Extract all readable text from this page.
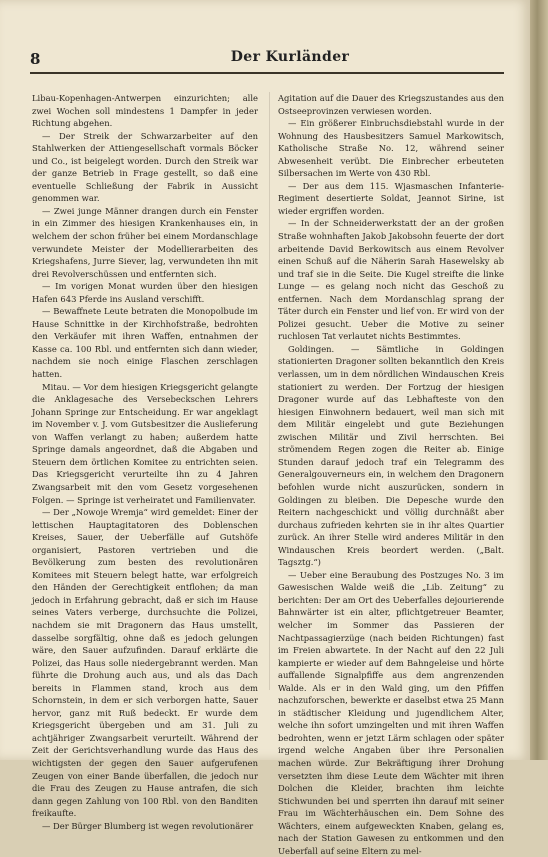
8	Der Kurländer

Libau-Kopenhagen-Antwerpen einzurichten; alle zwei Wochen soll mindestens 1 Dampfer in jeder Richtung abgehen.

— Der Streik der Schwarzarbeiter auf den Stahlwerken der Attiengesellschaft vormals Böcker und Co., ist beigelegt worden. Durch den Streik war der ganze Betrieb in Frage gestellt, so daß eine eventuelle Schließung der Fabrik in Aussicht genommen war.

— Zwei junge Männer drangen durch ein Fenster in ein Zimmer des hiesigen Krankenhauses ein, in welchem der schon früher bei einem Mordanschlage verwundete Meister der Modellierarbeiten des Kriegshafens, Jurre Siever, lag, verwundeten ihn mit drei Revolverschüssen und entfernten sich.

— Im vorigen Monat wurden über den hiesigen Hafen 643 Pferde ins Ausland verschifft.

— Bewaffnete Leute betraten die Monopolbude im Hause Schnittke in der Kirchhofstraße, bedrohten den Verkäufer mit ihren Waffen, entnahmen der Kasse ca. 100 Rbl. und entfernten sich dann wieder, nachdem sie noch einige Flaschen zerschlagen hatten.

Mitau. — Vor dem hiesigen Kriegsgericht gelangte die Anklagesache des Versebeckschen Lehrers Johann Springe zur Entscheidung. Er war angeklagt im November v. J. vom Gutsbesitzer die Auslieferung von Waffen verlangt zu haben; außerdem hatte Springe damals angeordnet, daß die Abgaben und Steuern dem örtlichen Komitee zu entrichten seien. Das Kriegsgericht verurteilte ihn zu 4 Jahren Zwangsarbeit mit den vom Gesetz vorgesehenen Folgen. — Springe ist verheiratet und Familienvater.

— Der „Nowoje Wremja“ wird gemeldet: Einer der lettischen Hauptagitatoren des Doblenschen Kreises, Sauer, der Ueberfälle auf Gutshöfe organisiert, Pastoren vertrieben und die Bevölkerung zum besten des revolutionären Komitees mit Steuern belegt hatte, war erfolgreich den Händen der Gerechtigkeit entflohen; da man jedoch in Erfahrung gebracht, daß er sich im Hause seines Vaters verberge, durchsuchte die Polizei, nachdem sie mit Dragonern das Haus umstellt, dasselbe sorgfältig, ohne daß es jedoch gelungen wäre, den Sauer aufzufinden. Darauf erklärte die Polizei, das Haus solle niedergebrannt werden. Man führte die Drohung auch aus, und als das Dach bereits in Flammen stand, kroch aus dem Schornstein, in dem er sich verborgen hatte, Sauer hervor, ganz mit Ruß bedeckt. Er wurde dem Kriegsgericht übergeben und am 31. Juli zu achtjähriger Zwangsarbeit verurteilt. Während der Zeit der Gerichtsverhandlung wurde das Haus des wichtigsten der gegen den Sauer aufgerufenen Zeugen von einer Bande überfallen, die jedoch nur die Frau des Zeugen zu Hause antrafen, die sich dann gegen Zahlung von 100 Rbl. von den Banditen freikaufte.

— Der Bürger Blumberg ist wegen revolutionärer

Agitation auf die Dauer des Kriegszustandes aus den Ostseeprovinzen verwiesen worden.

— Ein größerer Einbruchsdiebstahl wurde in der Wohnung des Hausbesitzers Samuel Markowitsch, Katholische Straße No. 12, während seiner Abwesenheit verübt. Die Einbrecher erbeuteten Silbersachen im Werte von 430 Rbl.

— Der aus dem 115. Wjasmaschen Infanterie-Regiment desertierte Soldat, Jeannot Sirine, ist wieder ergriffen worden.

— In der Schneiderwerkstatt der an der großen Straße wohnhaften Jakob Jakobsohn feuerte der dort arbeitende David Berkowitsch aus einem Revolver einen Schuß auf die Näherin Sarah Hasewelsky ab und traf sie in die Seite. Die Kugel streifte die linke Lunge — es gelang noch nicht das Geschoß zu entfernen. Nach dem Mordanschlag sprang der Täter durch ein Fenster und lief von. Er wird von der Polizei gesucht. Ueber die Motive zu seiner ruchlosen Tat verlautet nichts Bestimmtes.

Goldingen. — Sämtliche in Goldingen stationierten Dragoner sollten bekanntlich den Kreis verlassen, um in dem nördlichen Windauschen Kreis stationiert zu werden. Der Fortzug der hiesigen Dragoner wurde auf das Lebhafteste von den hiesigen Einwohnern bedauert, weil man sich mit dem Militär eingelebt und gute Beziehungen zwischen Militär und Zivil herrschten. Bei strömendem Regen zogen die Reiter ab. Einige Stunden darauf jedoch traf ein Telegramm des Generalgouverneurs ein, in welchem den Dragonern befohlen wurde nicht auszurücken, sondern in Goldingen zu bleiben. Die Depesche wurde den Reitern nachgeschickt und völlig durchnäßt aber durchaus zufrieden kehrten sie in ihr altes Quartier zurück. An ihrer Stelle wird anderes Militär in den Windauschen Kreis beordert werden. („Balt. Tagsztg.“)

— Ueber eine Beraubung des Postzuges No. 3 im Gawesischen Walde weiß die „Lib. Zeitung“ zu berichten: Der am Ort des Ueberfalles dejourierende Bahnwärter ist ein alter, pflichtgetreuer Beamter, welcher im Sommer das Passieren der Nachtpassagierzüge (nach beiden Richtungen) fast im Freien abwartete. In der Nacht auf den 22 Juli kampierte er wieder auf dem Bahngeleise und hörte auffallende Signalpfiffe aus dem angrenzenden Walde. Als er in den Wald ging, um den Pfiffen nachzuforschen, bewerkte er daselbst etwa 25 Mann in städtischer Kleidung und jugendlichem Alter, welche ihn sofort umzingelten und mit ihren Waffen bedrohten, wenn er jetzt Lärm schlagen oder später irgend welche Angaben über ihre Personalien machen würde. Zur Bekräftigung ihrer Drohung versetzten ihm diese Leute dem Wächter mit ihren Dolchen die Kleider, brachten ihm leichte Stichwunden bei und sperrten ihn darauf mit seiner Frau im Wächterhäuschen ein. Dem Sohne des Wächters, einem aufgeweckten Knaben, gelang es, nach der Station Gawesen zu entkommen und den Ueberfall auf seine Eltern zu mel-
